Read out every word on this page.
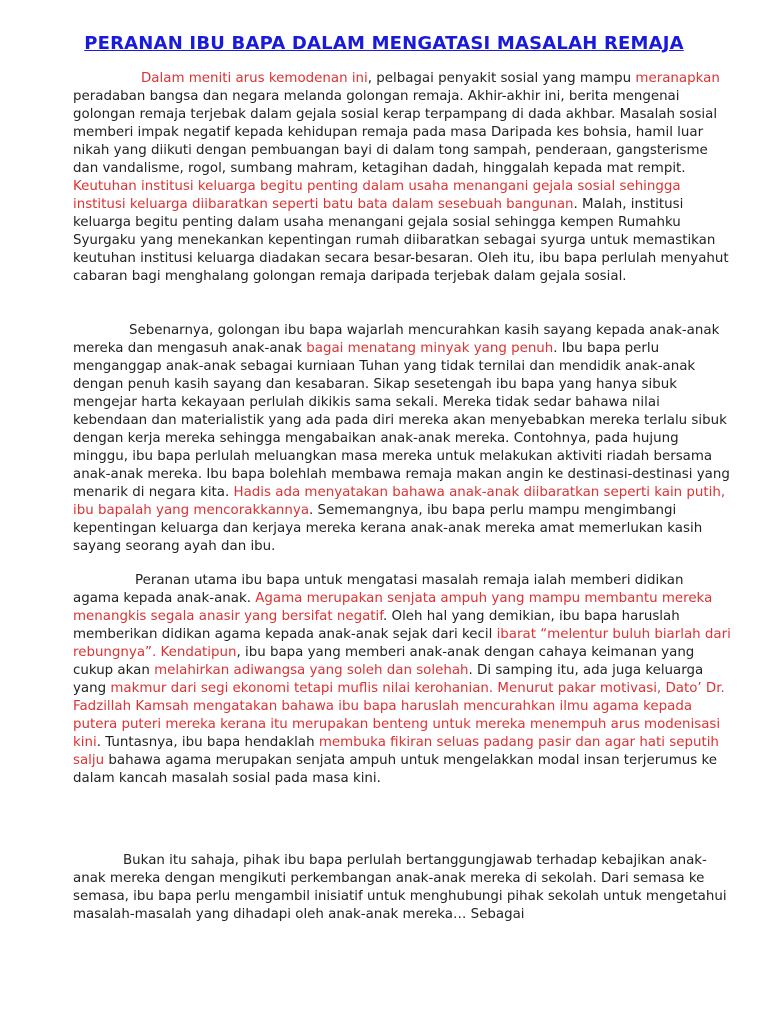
PERANAN IBU BAPA DALAM MENGATASI MASALAH REMAJA
Dalam meniti arus kemodenan ini, pelbagai penyakit sosial yang mampu meranapkan peradaban bangsa dan negara melanda golongan remaja. Akhir-akhir ini, berita mengenai golongan remaja terjebak dalam gejala sosial kerap terpampang di dada akhbar. Masalah sosial memberi impak negatif kepada kehidupan remaja pada masa Daripada kes bohsia, hamil luar nikah yang diikuti dengan pembuangan bayi di dalam tong sampah, penderaan, gangsterisme dan vandalisme, rogol, sumbang mahram, ketagihan dadah, hinggalah kepada mat rempit. Keutuhan institusi keluarga begitu penting dalam usaha menangani gejala sosial sehingga institusi keluarga diibaratkan seperti batu bata dalam sesebuah bangunan. Malah, institusi keluarga begitu penting dalam usaha menangani gejala sosial sehingga kempen Rumahku Syurgaku yang menekankan kepentingan rumah diibaratkan sebagai syurga untuk memastikan keutuhan institusi keluarga diadakan secara besar-besaran. Oleh itu, ibu bapa perlulah menyahut cabaran bagi menghalang golongan remaja daripada terjebak dalam gejala sosial.
Sebenarnya, golongan ibu bapa wajarlah mencurahkan kasih sayang kepada anak-anak mereka dan mengasuh anak-anak bagai menatang minyak yang penuh. Ibu bapa perlu menganggap anak-anak sebagai kurniaan Tuhan yang tidak ternilai dan mendidik anak-anak dengan penuh kasih sayang dan kesabaran. Sikap sesetengah ibu bapa yang hanya sibuk mengejar harta kekayaan perlulah dikikis sama sekali. Mereka tidak sedar bahawa nilai kebendaan dan materialistik yang ada pada diri mereka akan menyebabkan mereka terlalu sibuk dengan kerja mereka sehingga mengabaikan anak-anak mereka. Contohnya, pada hujung minggu, ibu bapa perlulah meluangkan masa mereka untuk melakukan aktiviti riadah bersama anak-anak mereka. Ibu bapa bolehlah membawa remaja makan angin ke destinasi-destinasi yang menarik di negara kita. Hadis ada menyatakan bahawa anak-anak diibaratkan seperti kain putih, ibu bapalah yang mencorakkannya. Sememangnya, ibu bapa perlu mampu mengimbangi kepentingan keluarga dan kerjaya mereka kerana anak-anak mereka amat memerlukan kasih sayang seorang ayah dan ibu.
Peranan utama ibu bapa untuk mengatasi masalah remaja ialah memberi didikan agama kepada anak-anak. Agama merupakan senjata ampuh yang mampu membantu mereka menangkis segala anasir yang bersifat negatif. Oleh hal yang demikian, ibu bapa haruslah memberikan didikan agama kepada anak-anak sejak dari kecil ibarat “melentur buluh biarlah dari rebungnya”. Kendatipun, ibu bapa yang memberi anak-anak dengan cahaya keimanan yang cukup akan melahirkan adiwangsa yang soleh dan solehah. Di samping itu, ada juga keluarga yang makmur dari segi ekonomi tetapi muflis nilai kerohanian. Menurut pakar motivasi, Dato’ Dr. Fadzillah Kamsah mengatakan bahawa ibu bapa haruslah mencurahkan ilmu agama kepada putera puteri mereka kerana itu merupakan benteng untuk mereka menempuh arus modenisasi kini. Tuntasnya, ibu bapa hendaklah membuka fikiran seluas padang pasir dan agar hati seputih salju bahawa agama merupakan senjata ampuh untuk mengelakkan modal insan terjerumus ke dalam kancah masalah sosial pada masa kini.
Bukan itu sahaja, pihak ibu bapa perlulah bertanggungjawab terhadap kebajikan anak-anak mereka dengan mengikuti perkembangan anak-anak mereka di sekolah. Dari semasa ke semasa, ibu bapa perlu mengambil inisiatif untuk menghubungi pihak sekolah untuk mengetahui masalah-masalah yang dihadapi oleh anak-anak mereka… Sebagai
